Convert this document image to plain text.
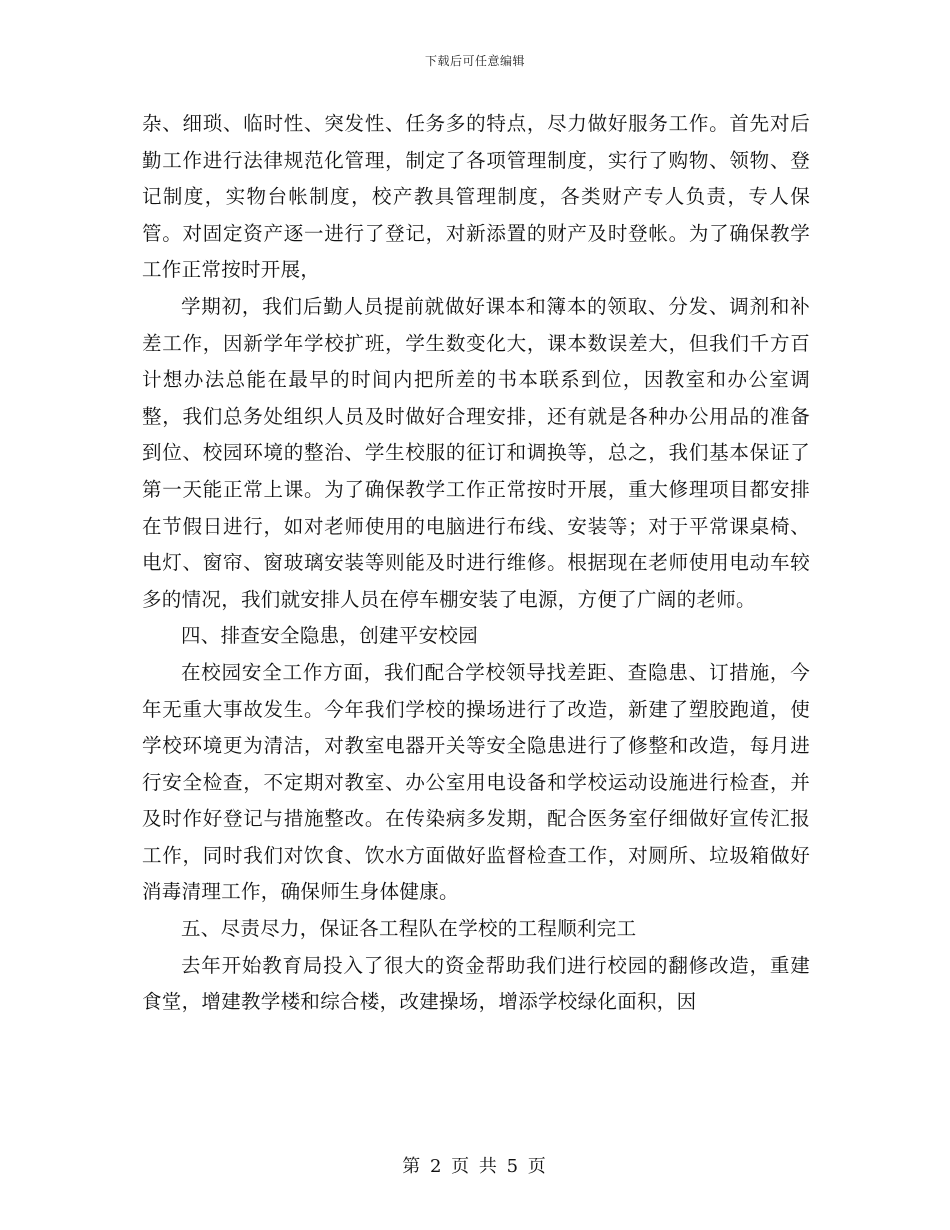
下载后可任意编辑

杂、细琐、临时性、突发性、任务多的特点，尽力做好服务工作。首先对后勤工作进行法律规范化管理，制定了各项管理制度，实行了购物、领物、登记制度，实物台帐制度，校产教具管理制度，各类财产专人负责，专人保管。对固定资产逐一进行了登记，对新添置的财产及时登帐。为了确保教学工作正常按时开展，

学期初，我们后勤人员提前就做好课本和簿本的领取、分发、调剂和补差工作，因新学年学校扩班，学生数变化大，课本数误差大，但我们千方百计想办法总能在最早的时间内把所差的书本联系到位，因教室和办公室调整，我们总务处组织人员及时做好合理安排，还有就是各种办公用品的准备到位、校园环境的整治、学生校服的征订和调换等，总之，我们基本保证了第一天能正常上课。为了确保教学工作正常按时开展，重大修理项目都安排在节假日进行，如对老师使用的电脑进行布线、安装等；对于平常课桌椅、电灯、窗帘、窗玻璃安装等则能及时进行维修。根据现在老师使用电动车较多的情况，我们就安排人员在停车棚安装了电源，方便了广阔的老师。

四、排查安全隐患，创建平安校园

在校园安全工作方面，我们配合学校领导找差距、查隐患、订措施，今年无重大事故发生。今年我们学校的操场进行了改造，新建了塑胶跑道，使学校环境更为清洁，对教室电器开关等安全隐患进行了修整和改造，每月进行安全检查，不定期对教室、办公室用电设备和学校运动设施进行检查，并及时作好登记与措施整改。在传染病多发期，配合医务室仔细做好宣传汇报工作，同时我们对饮食、饮水方面做好监督检查工作，对厕所、垃圾箱做好消毒清理工作，确保师生身体健康。

五、尽责尽力，保证各工程队在学校的工程顺利完工

去年开始教育局投入了很大的资金帮助我们进行校园的翻修改造，重建食堂，增建教学楼和综合楼，改建操场，增添学校绿化面积，因

第 2 页 共 5 页
